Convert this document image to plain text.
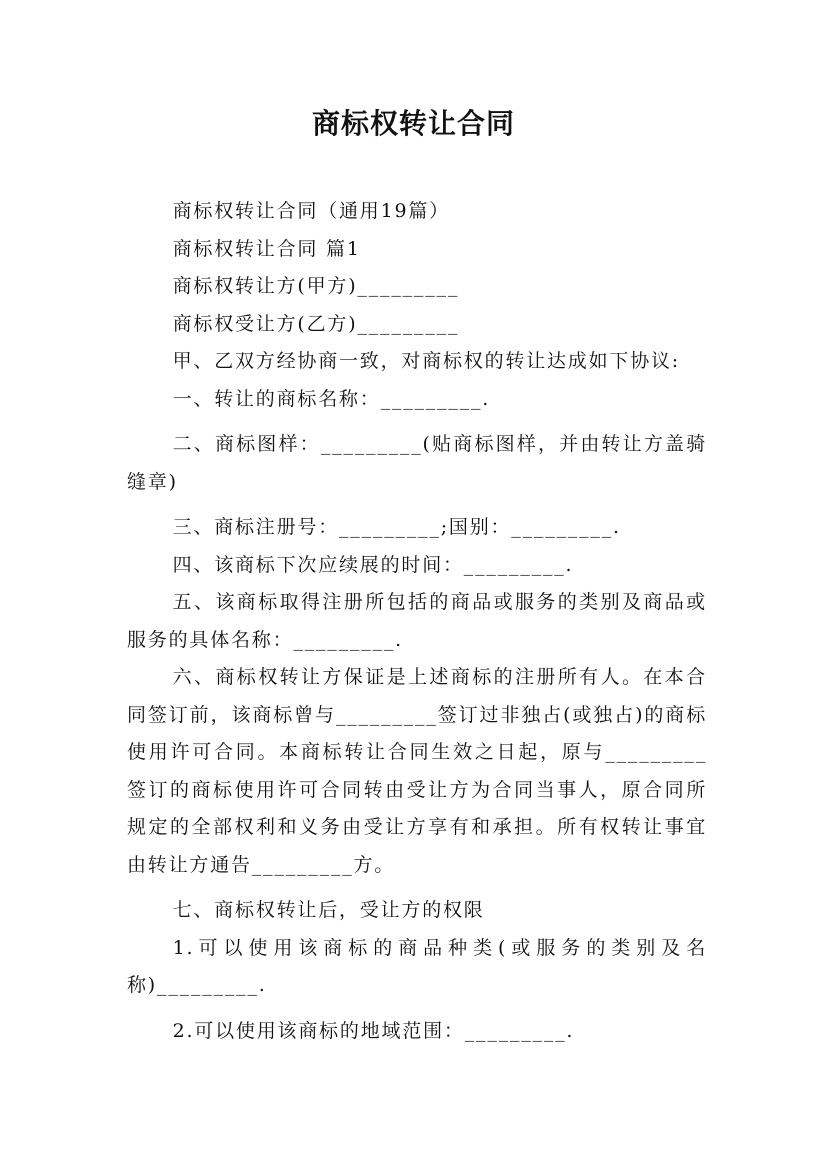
商标权转让合同

商标权转让合同（通用19篇）

商标权转让合同 篇1

商标权转让方(甲方)_________

商标权受让方(乙方)_________

甲、乙双方经协商一致，对商标权的转让达成如下协议:

一、转让的商标名称：_________.

二、商标图样：_________(贴商标图样，并由转让方盖骑缝章)

三、商标注册号：_________;国别：_________.

四、该商标下次应续展的时间：_________.

五、该商标取得注册所包括的商品或服务的类别及商品或服务的具体名称：_________.

六、商标权转让方保证是上述商标的注册所有人。在本合同签订前，该商标曾与_________签订过非独占(或独占)的商标使用许可合同。本商标转让合同生效之日起，原与_________签订的商标使用许可合同转由受让方为合同当事人，原合同所规定的全部权利和义务由受让方享有和承担。所有权转让事宜由转让方通告_________方。

七、商标权转让后，受让方的权限

1.可以使用该商标的商品种类(或服务的类别及名称)_________.

2.可以使用该商标的地域范围：_________.
